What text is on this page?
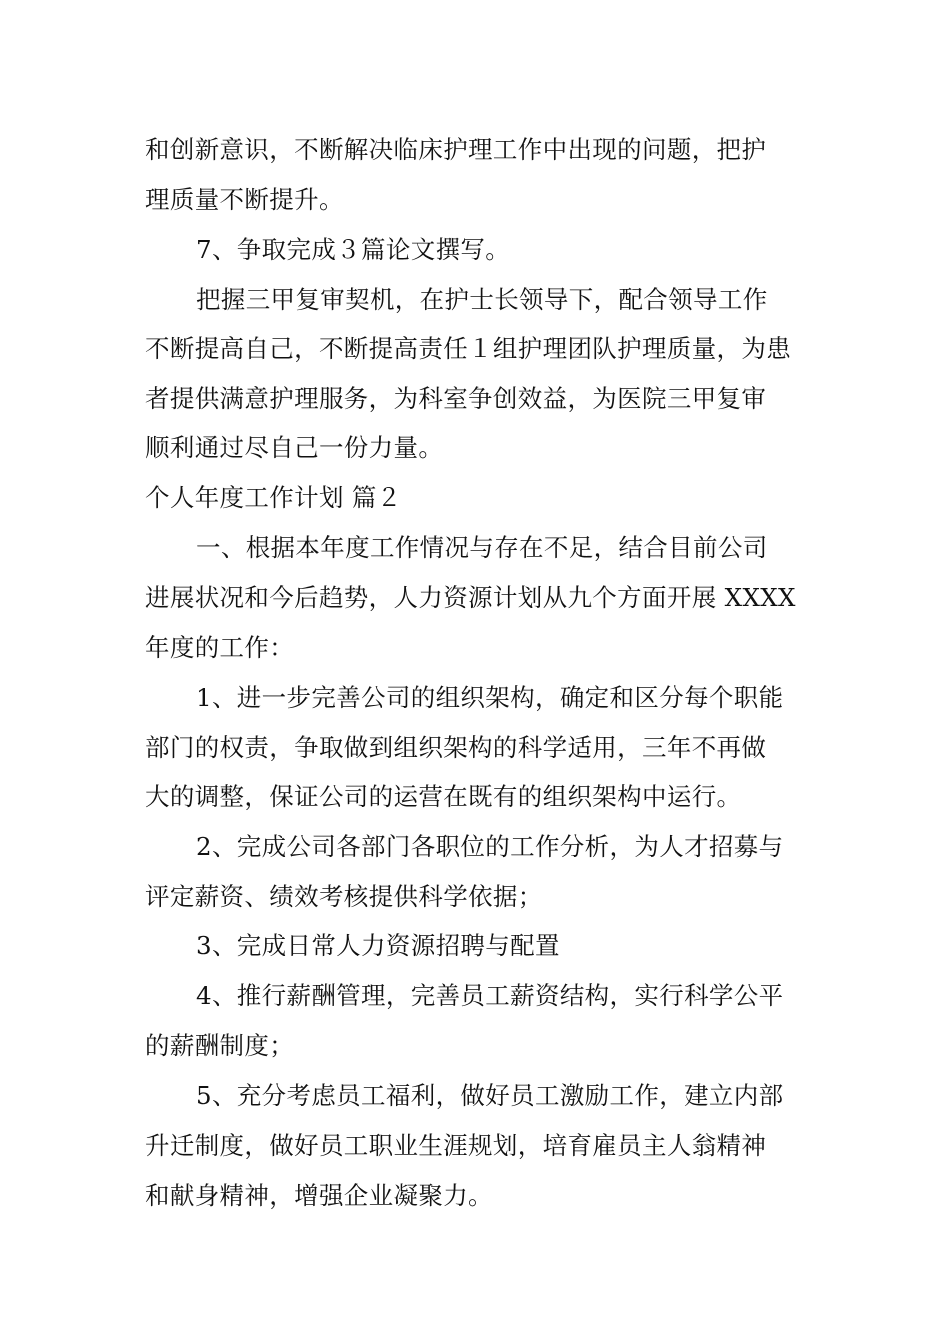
和创新意识，不断解决临床护理工作中出现的问题，把护
理质量不断提升。
7、争取完成３篇论文撰写。
把握三甲复审契机，在护士长领导下，配合领导工作
不断提高自己，不断提高责任１组护理团队护理质量，为患
者提供满意护理服务，为科室争创效益，为医院三甲复审
顺利通过尽自己一份力量。
个人年度工作计划 篇２
一、根据本年度工作情况与存在不足，结合目前公司
进展状况和今后趋势，人力资源计划从九个方面开展 XXXX
年度的工作：
1、进一步完善公司的组织架构，确定和区分每个职能
部门的权责，争取做到组织架构的科学适用，三年不再做
大的调整，保证公司的运营在既有的组织架构中运行。
2、完成公司各部门各职位的工作分析，为人才招募与
评定薪资、绩效考核提供科学依据；
3、完成日常人力资源招聘与配置
4、推行薪酬管理，完善员工薪资结构，实行科学公平
的薪酬制度；
5、充分考虑员工福利，做好员工激励工作，建立内部
升迁制度，做好员工职业生涯规划，培育雇员主人翁精神
和献身精神，增强企业凝聚力。
